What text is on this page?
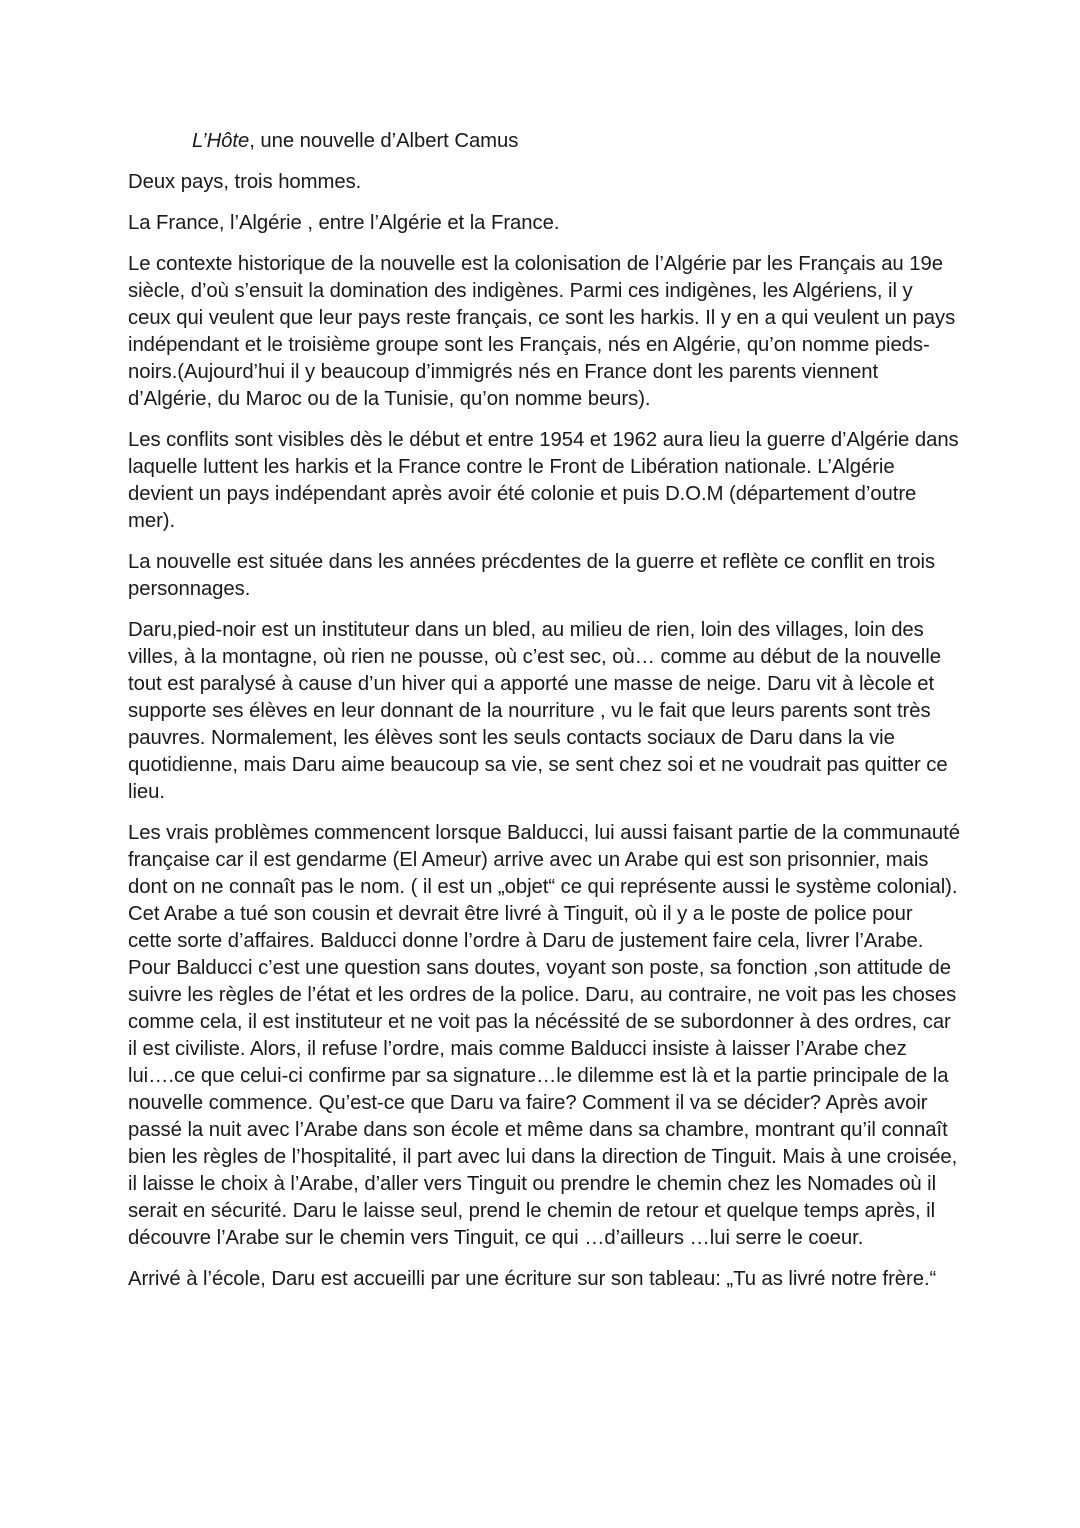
L’Hôte, une nouvelle d’Albert Camus

Deux pays, trois hommes.

La France, l’Algérie , entre l’Algérie et la France.

Le contexte historique de la nouvelle est la colonisation de l’Algérie par les Français au 19e siècle, d’où s’ensuit la domination des indigènes. Parmi ces indigènes, les Algériens, il y ceux qui veulent que leur pays reste français, ce sont les harkis. Il y en a qui veulent un pays indépendant et le troisième groupe sont les Français, nés en Algérie, qu’on nomme pieds-noirs.(Aujourd’hui il y beaucoup d’immigrés nés en France dont les parents viennent d’Algérie, du Maroc ou de la Tunisie, qu’on nomme beurs).

Les conflits sont visibles dès le début et entre 1954 et 1962 aura lieu la guerre d’Algérie dans laquelle luttent les harkis et la France contre le Front de Libération nationale. L’Algérie devient un pays indépendant après avoir été colonie et puis D.O.M (département d’outre mer).

La nouvelle est située dans les années précdentes de la guerre et reflète ce conflit en trois personnages.

Daru,pied-noir est un instituteur dans un bled, au milieu de rien, loin des villages, loin des villes, à la montagne, où rien ne pousse, où c’est sec, où… comme au début de la nouvelle tout est paralysé à cause d’un hiver qui a apporté une masse de neige. Daru vit à lècole et supporte ses élèves en leur donnant de la nourriture , vu le fait que leurs parents sont très pauvres. Normalement, les élèves sont les seuls contacts sociaux de Daru dans la vie quotidienne, mais Daru aime beaucoup sa vie, se sent chez soi et ne voudrait pas quitter ce lieu.

Les vrais problèmes commencent lorsque Balducci, lui aussi faisant partie de la communauté française car il est gendarme (El Ameur) arrive avec un Arabe qui est son prisonnier, mais dont on ne connaît pas le nom. ( il est un „objet“ ce qui représente aussi le système colonial). Cet Arabe a tué son cousin et devrait être livré à Tinguit, où il y a le poste de police pour cette sorte d’affaires. Balducci donne l’ordre à Daru de justement faire cela, livrer l’Arabe. Pour Balducci c’est une question sans doutes, voyant son poste, sa fonction ,son attitude de suivre les règles de l’état et les ordres de la police. Daru, au contraire, ne voit pas les choses comme cela, il est instituteur et ne voit pas la nécéssité de se subordonner à des ordres, car il est civiliste. Alors, il refuse l’ordre, mais comme Balducci insiste à laisser l’Arabe chez lui….ce que celui-ci confirme par sa signature…le dilemme est là et la partie principale de la nouvelle commence. Qu’est-ce que Daru va faire? Comment il va se décider? Après avoir passé la nuit avec l’Arabe dans son école et même dans sa chambre, montrant qu’il connaît bien les règles de l’hospitalité, il part avec lui dans la direction de Tinguit. Mais à une croisée, il laisse le choix à l’Arabe, d’aller vers Tinguit ou prendre le chemin chez les Nomades où il serait en sécurité. Daru le laisse seul, prend le chemin de retour et quelque temps après, il découvre l’Arabe sur le chemin vers Tinguit, ce qui …d’ailleurs …lui serre le coeur.

Arrivé à l’école, Daru est accueilli par une écriture sur son tableau: „Tu as livré notre frère.“
